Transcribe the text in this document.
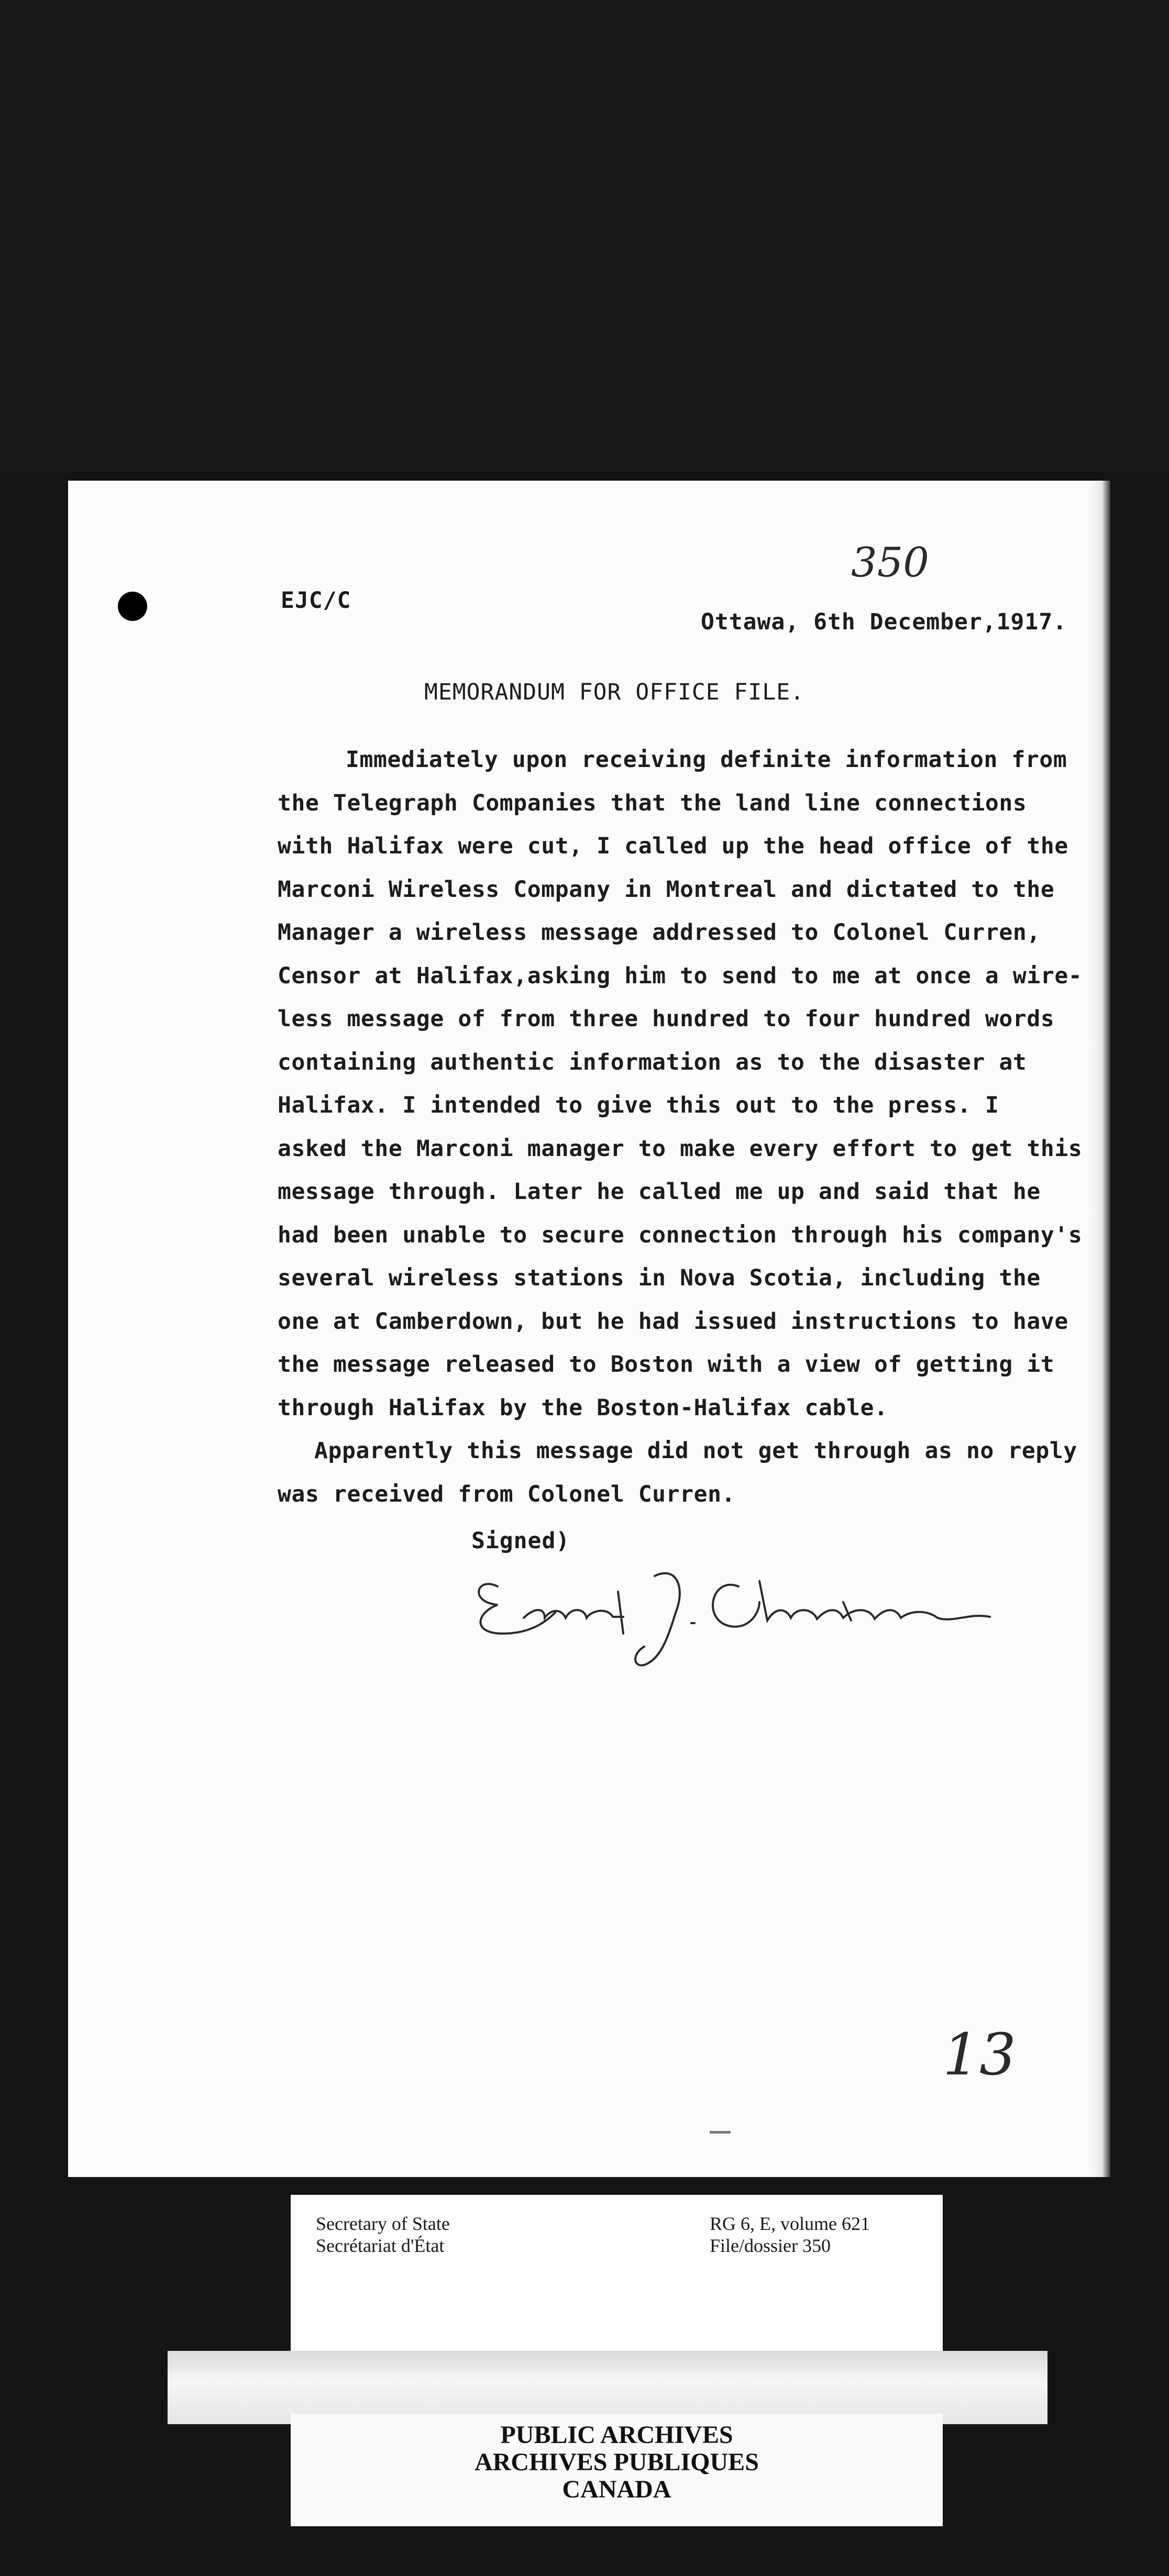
EJC/C
350
Ottawa, 6th December,1917.
MEMORANDUM FOR OFFICE FILE.
Immediately upon receiving definite information from
the Telegraph Companies that the land line connections
with Halifax were cut, I called up the head office of the
Marconi Wireless Company in Montreal and dictated to the
Manager a wireless message addressed to Colonel Curren,
Censor at Halifax,asking him to send to me at once a wire-
less message of from three hundred to four hundred words
containing authentic information as to the disaster at
Halifax. I intended to give this out to the press. I
asked the Marconi manager to make every effort to get this
message through. Later he called me up and said that he
had been unable to secure connection through his company's
several wireless stations in Nova Scotia, including the
one at Camberdown, but he had issued instructions to have
the message released to Boston with a view of getting it
through Halifax by the Boston-Halifax cable.
Apparently this message did not get through as no reply
was received from Colonel Curren.
Signed)
13
Secretary of State
Secrétariat d'État
RG 6, E, volume 621
File/dossier 350
PUBLIC ARCHIVES
ARCHIVES PUBLIQUES
CANADA
